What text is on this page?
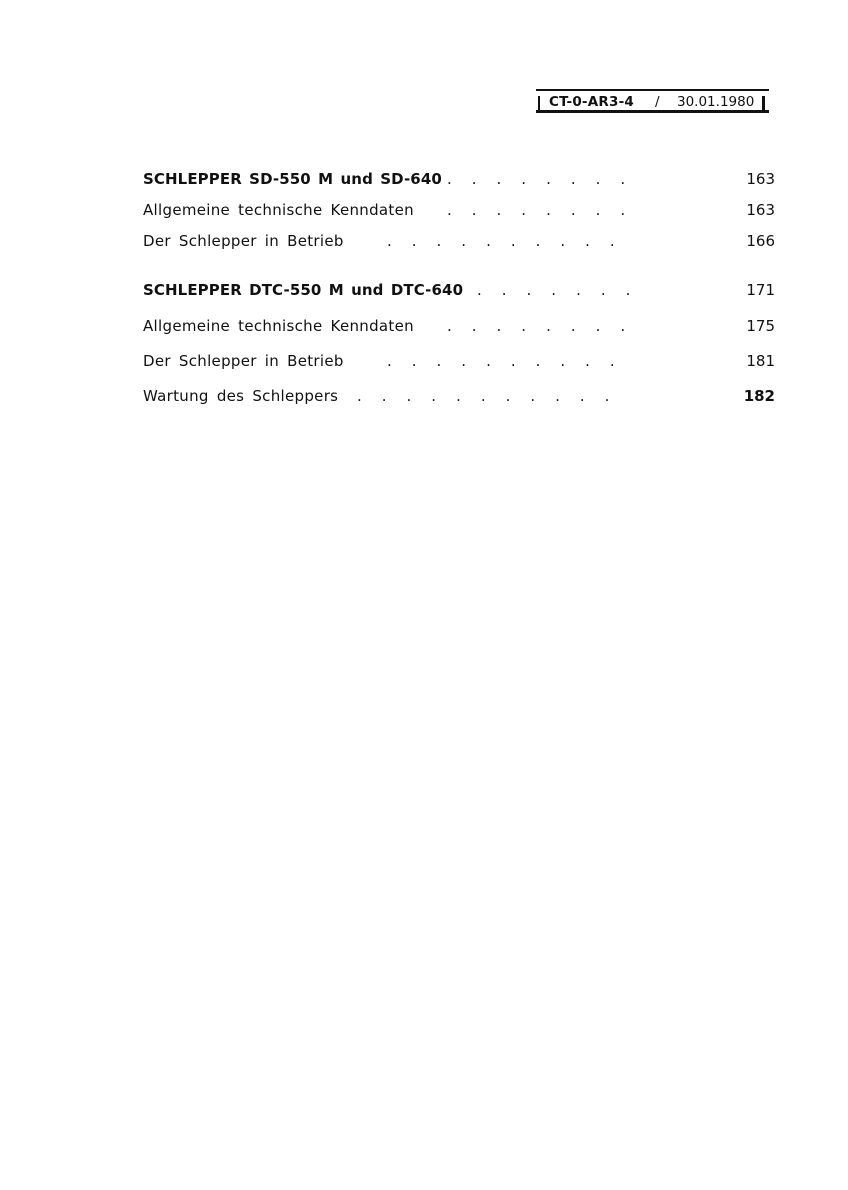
CT-0-AR3-4 / 30.01.1980
SCHLEPPER SD-550 M und SD-640 ........	163
Allgemeine technische Kenndaten ........	163
Der Schlepper in Betrieb	..........	166
SCHLEPPER DTC-550 M und DTC-640 .......	171
Allgemeine technische Kenndaten ........	175
Der Schlepper in Betrieb	..........	181
Wartung des Schleppers ...........	182
